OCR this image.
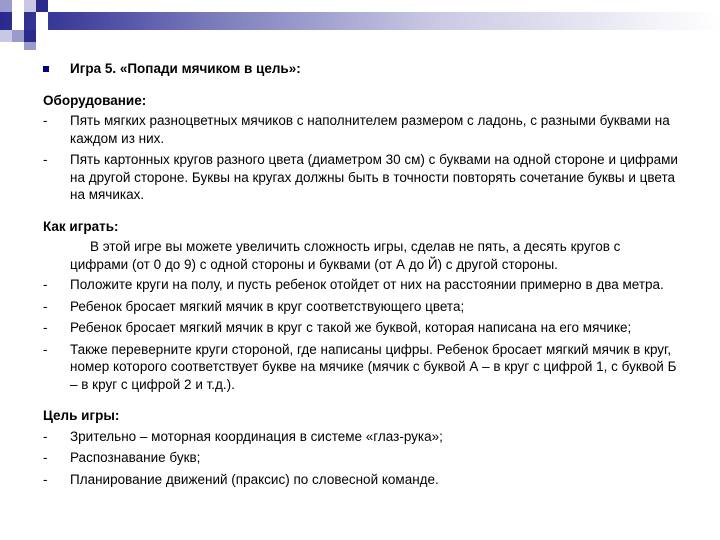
Игра 5. «Попади мячиком в цель»:
Оборудование:
- Пять мягких разноцветных мячиков с наполнителем размером с ладонь, с разными буквами на каждом из них.
- Пять картонных кругов разного цвета (диаметром 30 см) с буквами на одной стороне и цифрами на другой стороне. Буквы на кругах должны быть в точности повторять сочетание буквы и цвета на мячиках.
Как играть:
В этой игре вы можете увеличить сложность игры, сделав не пять, а десять кругов с цифрами (от 0 до 9) с одной стороны и буквами (от А до Й) с другой стороны.
- Положите круги на полу, и пусть ребенок отойдет от них на расстоянии примерно в два метра.
- Ребенок бросает мягкий мячик в круг соответствующего цвета;
- Ребенок бросает мягкий мячик в круг с такой же буквой, которая написана на его мячике;
- Также переверните круги стороной, где написаны цифры. Ребенок бросает мягкий мячик в круг, номер которого соответствует букве на мячике (мячик с буквой А – в круг с цифрой 1, с буквой Б – в круг с цифрой 2 и т.д.).
Цель игры:
- Зрительно – моторная координация в системе «глаз-рука»;
- Распознавание букв;
- Планирование движений (праксис) по словесной команде.
